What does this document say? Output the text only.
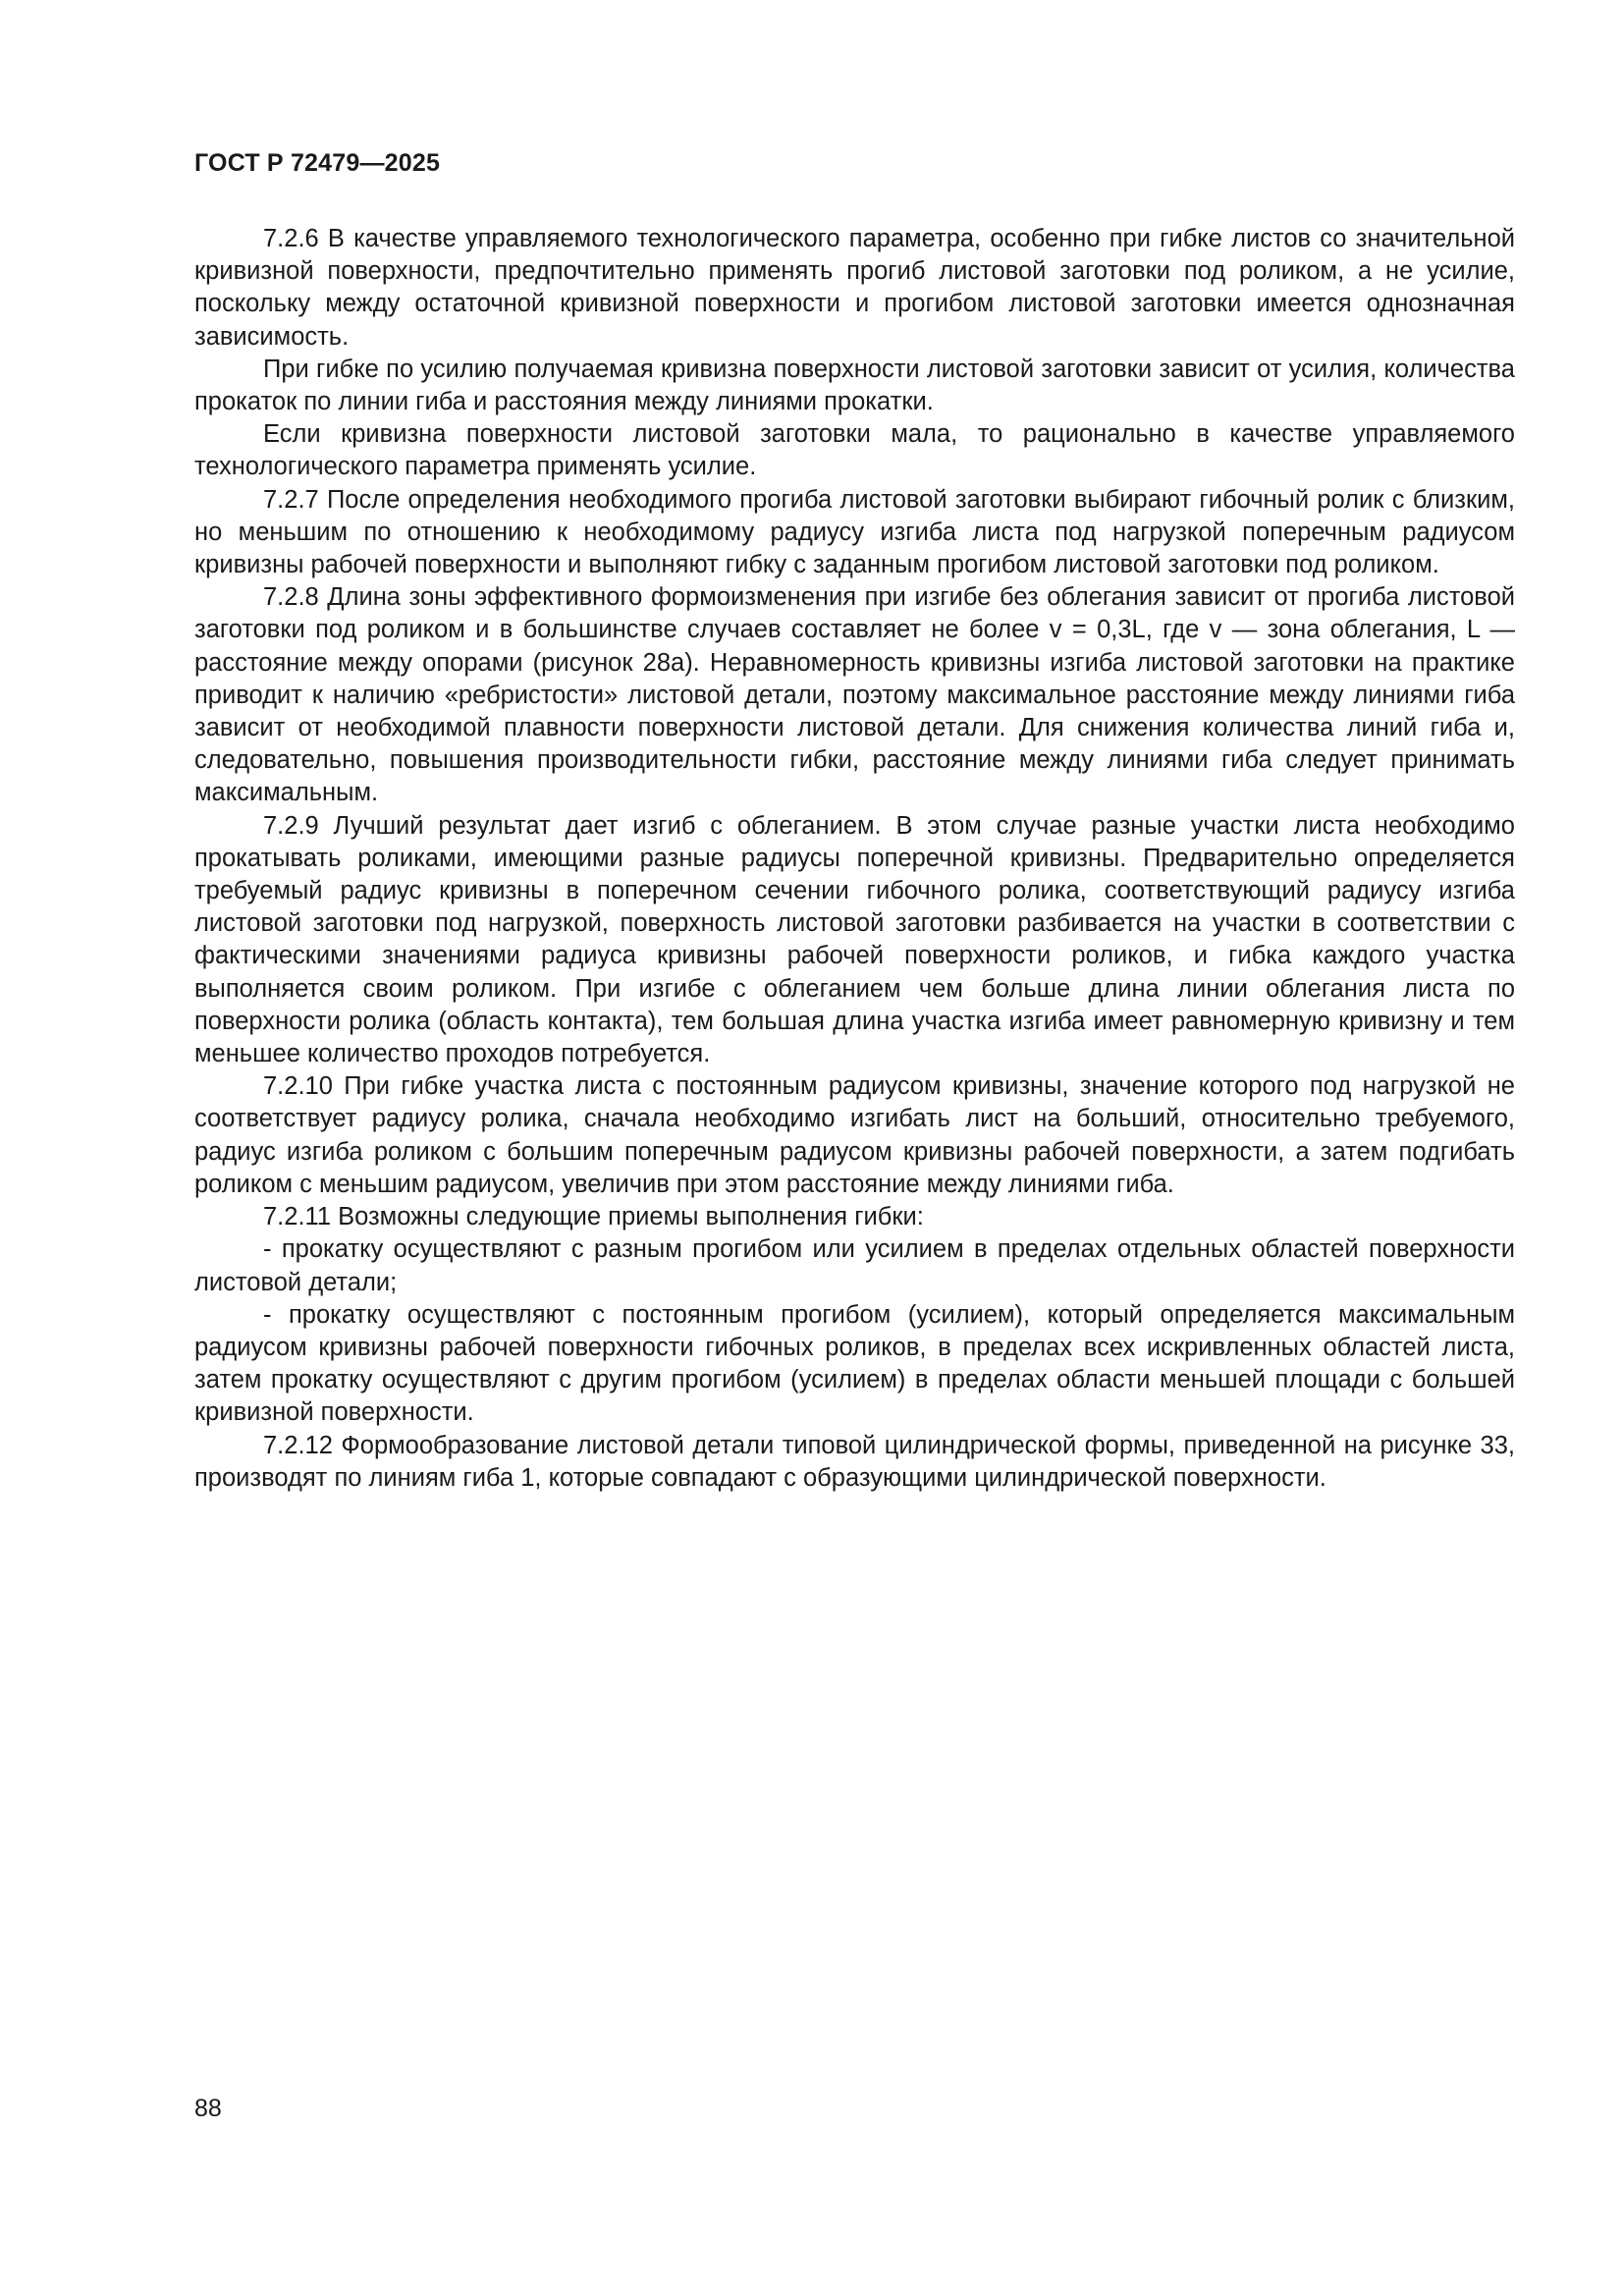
ГОСТ Р 72479—2025

7.2.6 В качестве управляемого технологического параметра, особенно при гибке листов со значительной кривизной поверхности, предпочтительно применять прогиб листовой заготовки под роликом, а не усилие, поскольку между остаточной кривизной поверхности и прогибом листовой заготовки имеется однозначная зависимость.

При гибке по усилию получаемая кривизна поверхности листовой заготовки зависит от усилия, количества прокаток по линии гиба и расстояния между линиями прокатки.

Если кривизна поверхности листовой заготовки мала, то рационально в качестве управляемого технологического параметра применять усилие.

7.2.7 После определения необходимого прогиба листовой заготовки выбирают гибочный ролик с близким, но меньшим по отношению к необходимому радиусу изгиба листа под нагрузкой поперечным радиусом кривизны рабочей поверхности и выполняют гибку с заданным прогибом листовой заготовки под роликом.

7.2.8 Длина зоны эффективного формоизменения при изгибе без облегания зависит от прогиба листовой заготовки под роликом и в большинстве случаев составляет не более v = 0,3L, где v — зона облегания, L — расстояние между опорами (рисунок 28а). Неравномерность кривизны изгиба листовой заготовки на практике приводит к наличию «ребристости» листовой детали, поэтому максимальное расстояние между линиями гиба зависит от необходимой плавности поверхности листовой детали. Для снижения количества линий гиба и, следовательно, повышения производительности гибки, расстояние между линиями гиба следует принимать максимальным.

7.2.9 Лучший результат дает изгиб с облеганием. В этом случае разные участки листа необходимо прокатывать роликами, имеющими разные радиусы поперечной кривизны. Предварительно определяется требуемый радиус кривизны в поперечном сечении гибочного ролика, соответствующий радиусу изгиба листовой заготовки под нагрузкой, поверхность листовой заготовки разбивается на участки в соответствии с фактическими значениями радиуса кривизны рабочей поверхности роликов, и гибка каждого участка выполняется своим роликом. При изгибе с облеганием чем больше длина линии облегания листа по поверхности ролика (область контакта), тем большая длина участка изгиба имеет равномерную кривизну и тем меньшее количество проходов потребуется.

7.2.10 При гибке участка листа с постоянным радиусом кривизны, значение которого под нагрузкой не соответствует радиусу ролика, сначала необходимо изгибать лист на больший, относительно требуемого, радиус изгиба роликом с большим поперечным радиусом кривизны рабочей поверхности, а затем подгибать роликом с меньшим радиусом, увеличив при этом расстояние между линиями гиба.

7.2.11 Возможны следующие приемы выполнения гибки:

- прокатку осуществляют с разным прогибом или усилием в пределах отдельных областей поверхности листовой детали;

- прокатку осуществляют с постоянным прогибом (усилием), который определяется максимальным радиусом кривизны рабочей поверхности гибочных роликов, в пределах всех искривленных областей листа, затем прокатку осуществляют с другим прогибом (усилием) в пределах области меньшей площади с большей кривизной поверхности.

7.2.12 Формообразование листовой детали типовой цилиндрической формы, приведенной на рисунке 33, производят по линиям гиба 1, которые совпадают с образующими цилиндрической поверхности.

88
